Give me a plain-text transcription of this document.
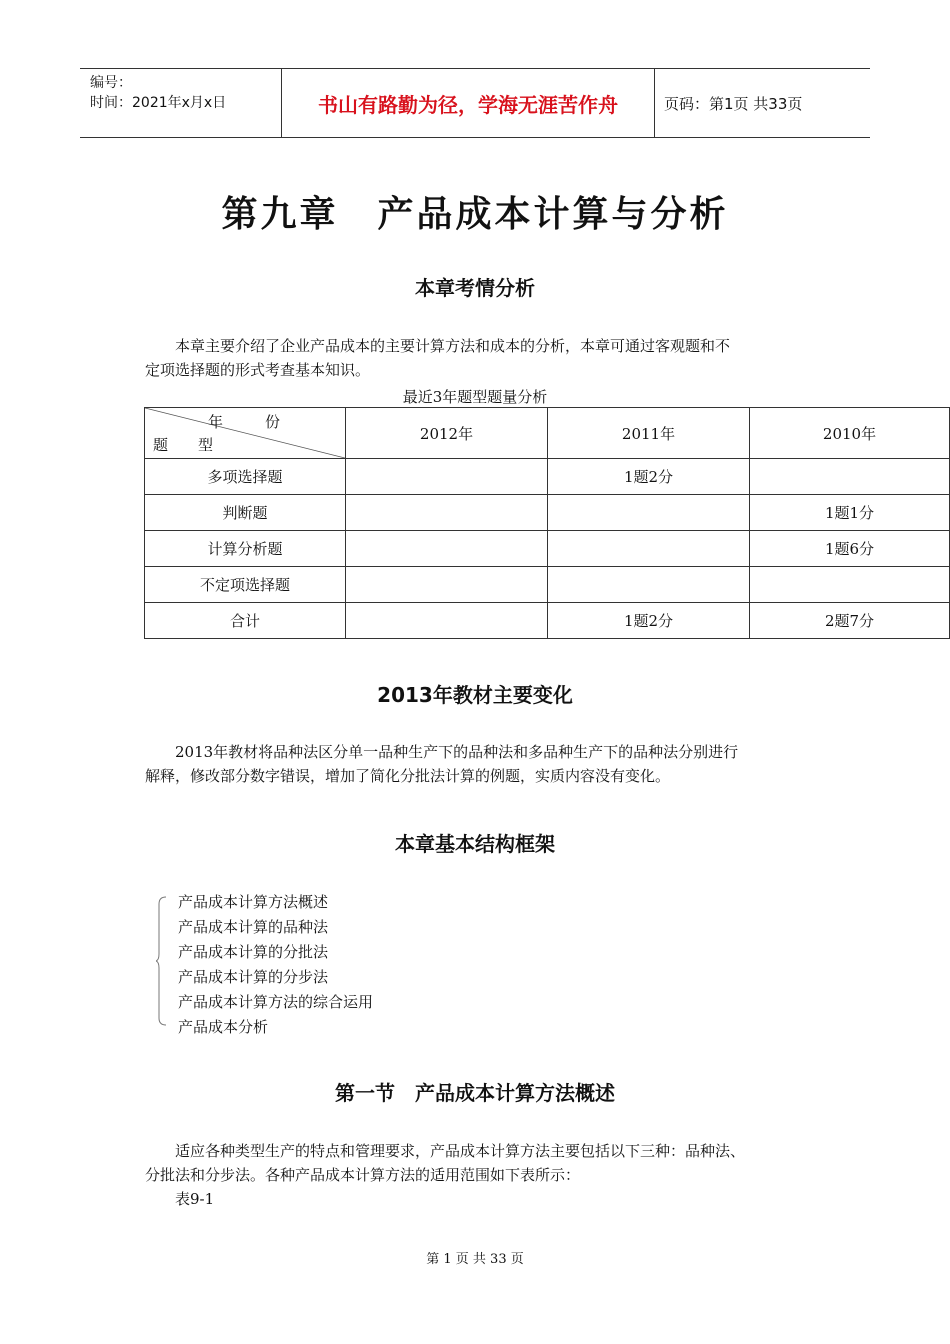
编号：
时间：2021年x月x日	书山有路勤为径，学海无涯苦作舟	页码：第1页 共33页
第九章　产品成本计算与分析
本章考情分析

本章主要介绍了企业产品成本的主要计算方法和成本的分析，本章可通过客观题和不

定项选择题的形式考查基本知识。

最近3年题型题量分析
年份
题型	2012年	2011年	2010年
多项选择题		1题2分	
判断题			1题1分
计算分析题			1题6分
不定项选择题			
合计		1题2分	2题7分
2013年教材主要变化

2013年教材将品种法区分单一品种生产下的品种法和多品种生产下的品种法分别进行

解释，修改部分数字错误，增加了简化分批法计算的例题，实质内容没有变化。

本章基本结构框架
产品成本计算方法概述
产品成本计算的品种法
产品成本计算的分批法
产品成本计算的分步法
产品成本计算方法的综合运用
产品成本分析
第一节　产品成本计算方法概述

适应各种类型生产的特点和管理要求，产品成本计算方法主要包括以下三种：品种法、

分批法和分步法。各种产品成本计算方法的适用范围如下表所示：

表9-1

第 1 页 共 33 页
